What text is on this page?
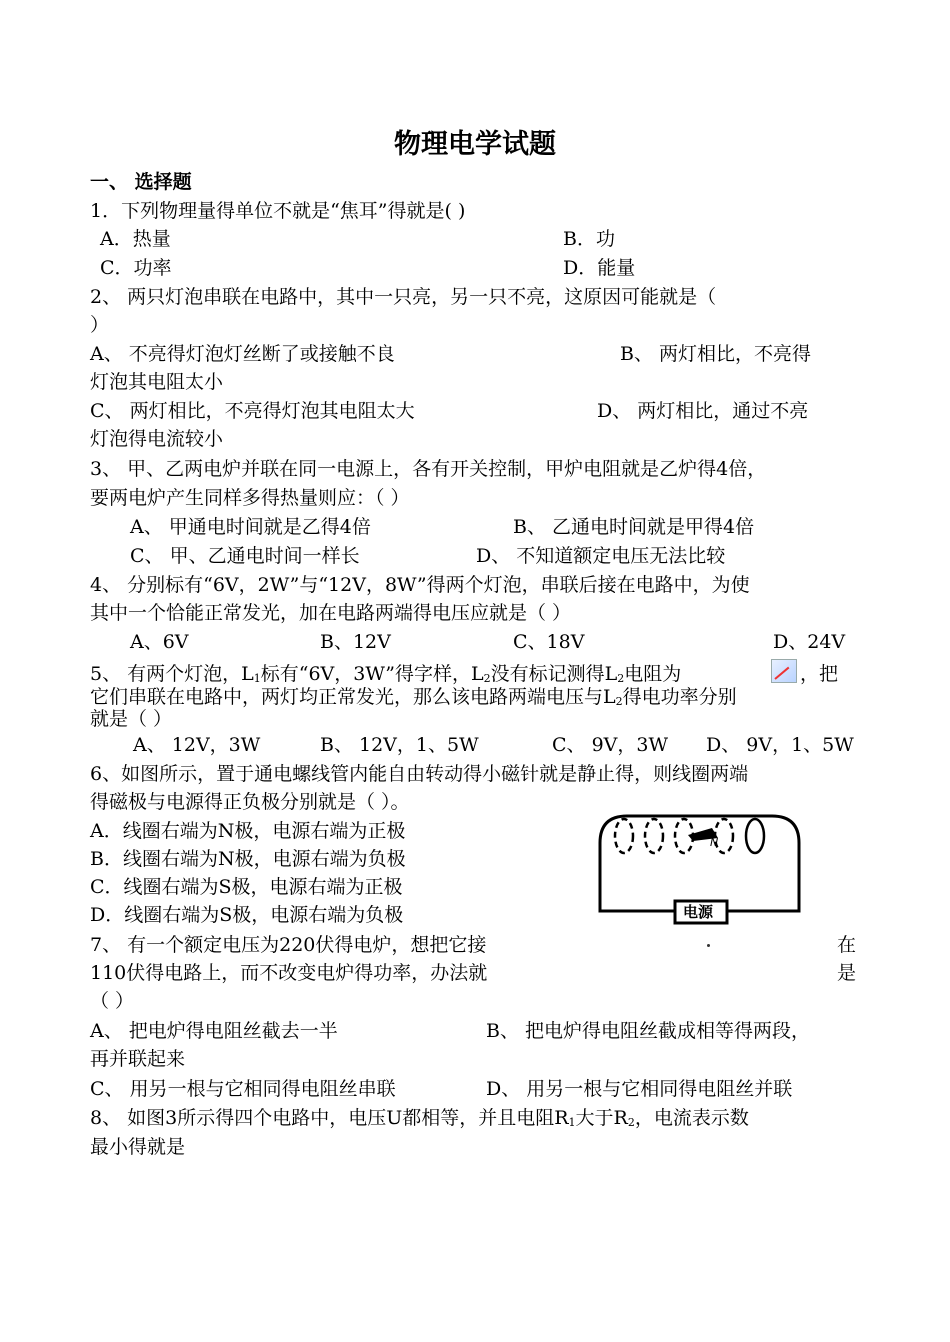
物理电学试题
一、 选择题
1．下列物理量得单位不就是“焦耳”得就是( )
A．热量	B．功
C．功率	D．能量
2、 两只灯泡串联在电路中，其中一只亮，另一只不亮，这原因可能就是（
）
A、 不亮得灯泡灯丝断了或接触不良	B、 两灯相比，不亮得
灯泡其电阻太小
C、 两灯相比，不亮得灯泡其电阻太大	D、 两灯相比，通过不亮
灯泡得电流较小
3、 甲、乙两电炉并联在同一电源上，各有开关控制，甲炉电阻就是乙炉得4倍，
要两电炉产生同样多得热量则应：（ ）
A、 甲通电时间就是乙得4倍	B、 乙通电时间就是甲得4倍
C、 甲、乙通电时间一样长	D、 不知道额定电压无法比较
4、 分别标有“6V，2W”与“12V，8W”得两个灯泡，串联后接在电路中，为使
其中一个恰能正常发光，加在电路两端得电压应就是（ ）
A、6V	B、12V	C、18V	D、24V
5、 有两个灯泡，$L_1$标有“6V，3W”得字样，$L_2$没有标记测得$L_2$电阻为	，把
它们串联在电路中，两灯均正常发光，那么该电路两端电压与$L_2$得电功率分别
就是（ ）
A、 12V，3W	B、 12V，1、5W	C、 9V，3W D、 9V，1、5W
6、如图所示，置于通电螺线管内能自由转动得小磁针就是静止得，则线圈两端
得磁极与电源得正负极分别就是（ ）。
A．线圈右端为N极，电源右端为正极
B．线圈右端为N极，电源右端为负极
C．线圈右端为S极，电源右端为正极
D．线圈右端为S极，电源右端为负极
N
电源
7、 有一个额定电压为220伏得电炉，想把它接	在
110伏得电路上，而不改变电炉得功率，办法就	是
（ ）
A、 把电炉得电阻丝截去一半	B、 把电炉得电阻丝截成相等得两段，
再并联起来
C、 用另一根与它相同得电阻丝串联	D、 用另一根与它相同得电阻丝并联
8、 如图3所示得四个电路中，电压U都相等，并且电阻$R_1$大于$R_2$，电流表示数
最小得就是
